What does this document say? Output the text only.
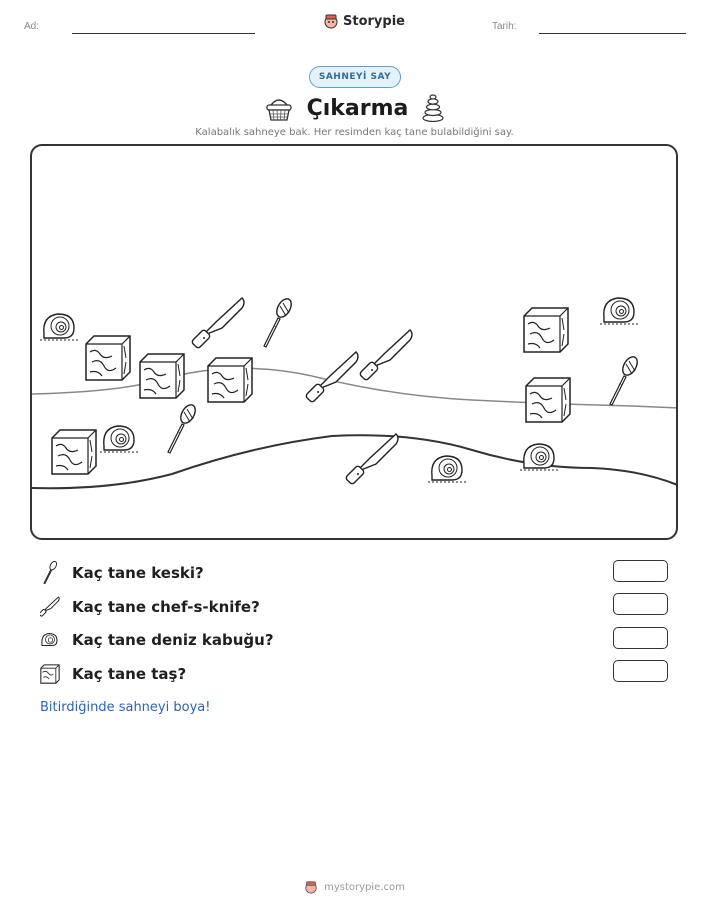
Ad:	Storypie	Tarih:
SAHNEYİ SAY
Çıkarma
Kalabalık sahneye bak. Her resimden kaç tane bulabildiğini say.
Kaç tane keski?
Kaç tane chef-s-knife?
Kaç tane deniz kabuğu?
Kaç tane taş?
Bitirdiğinde sahneyi boya!
mystorypie.com
